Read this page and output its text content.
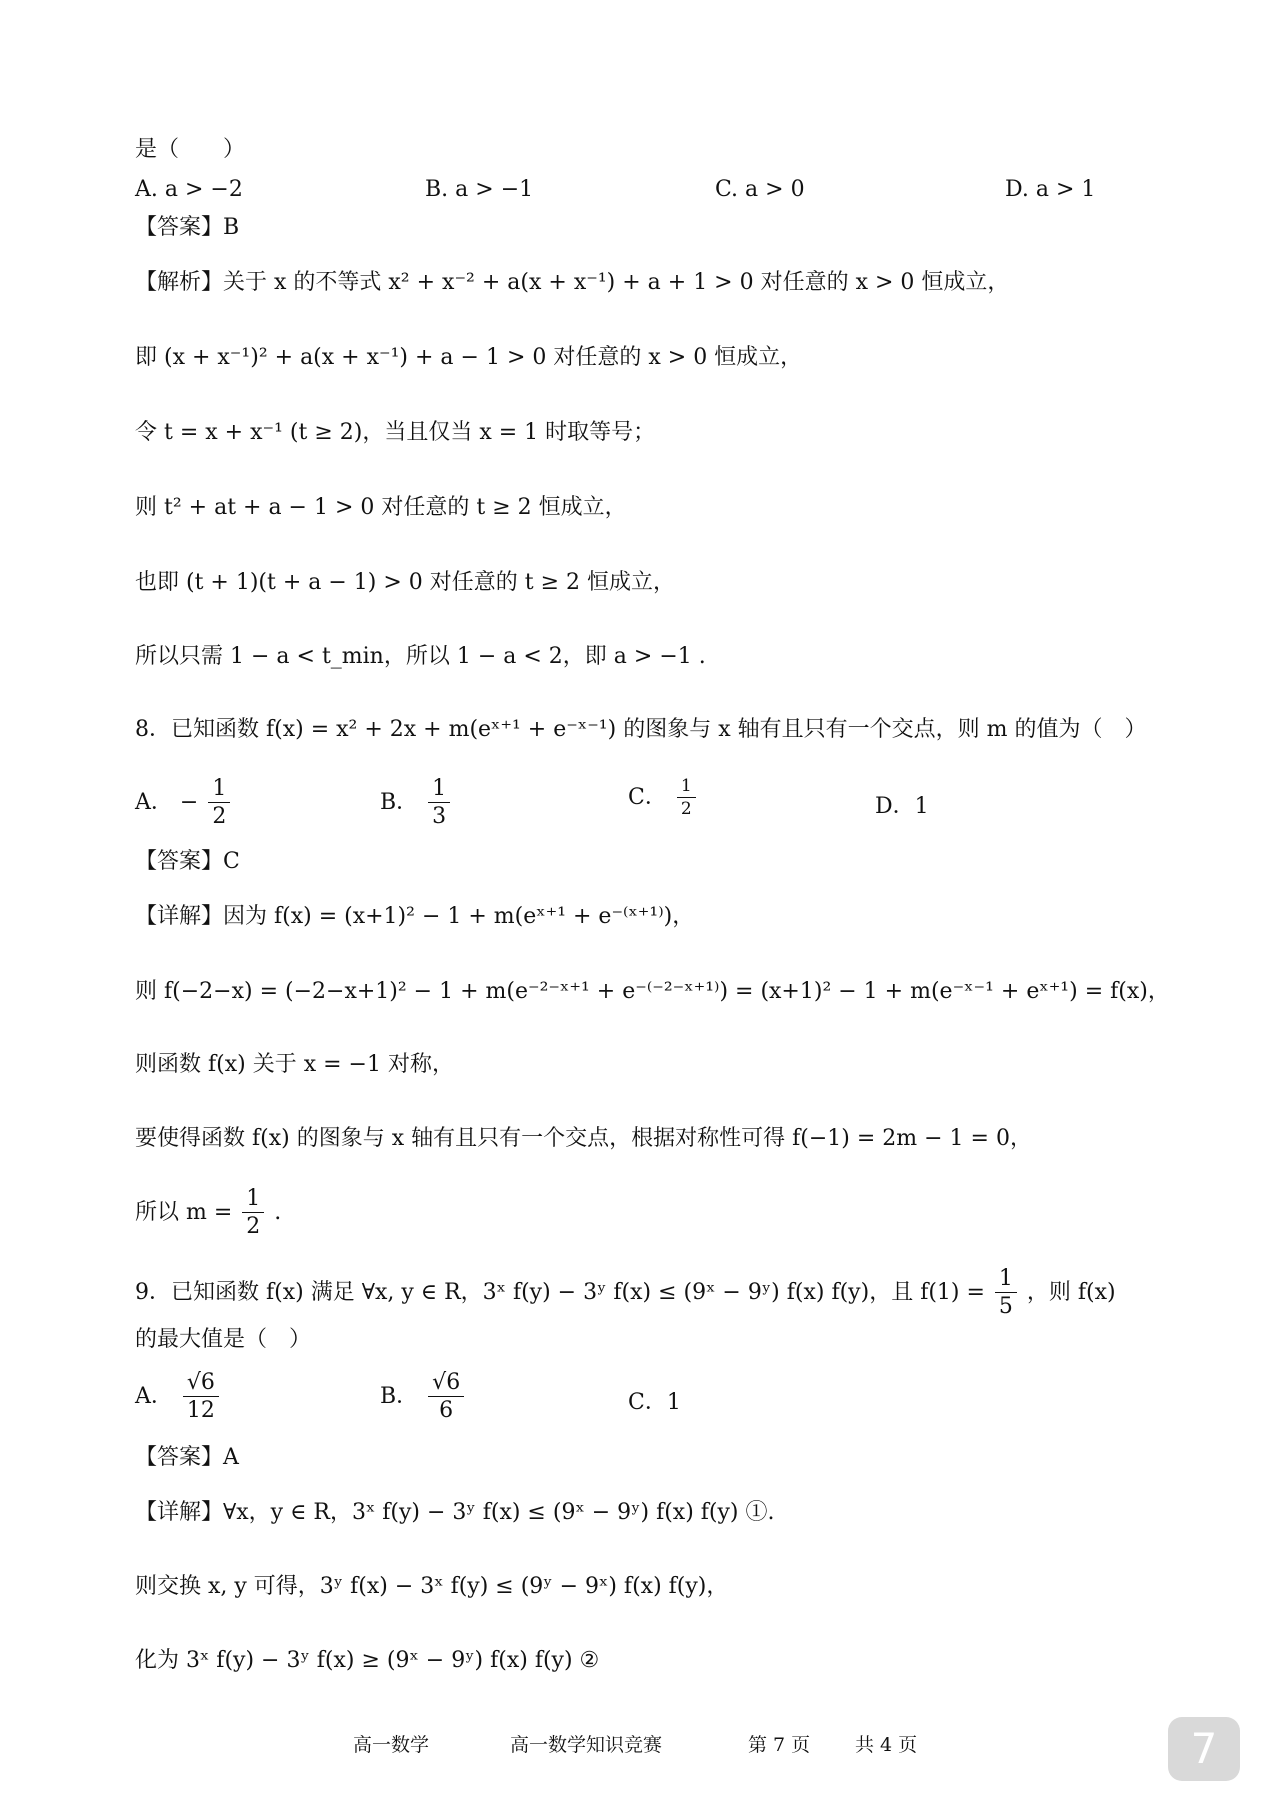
是（　　）
A. a > −2	B. a > −1	C. a > 0	D. a > 1
【答案】B
【解析】关于 x 的不等式 x² + x⁻² + a(x + x⁻¹) + a + 1 > 0 对任意的 x > 0 恒成立，
即 (x + x⁻¹)² + a(x + x⁻¹) + a − 1 > 0 对任意的 x > 0 恒成立，
令 t = x + x⁻¹ (t ≥ 2)，当且仅当 x = 1 时取等号；
则 t² + at + a − 1 > 0 对任意的 t ≥ 2 恒成立，
也即 (t + 1)(t + a − 1) > 0 对任意的 t ≥ 2 恒成立，
所以只需 1 − a < t_min，所以 1 − a < 2，即 a > −1 .
8．已知函数 f(x) = x² + 2x + m(eˣ⁺¹ + e⁻ˣ⁻¹) 的图象与 x 轴有且只有一个交点，则 m 的值为（　）
A． − $\frac{1}{2}$	B． $\frac{1}{3}$	C． $\frac{1}{2}$	D．1
【答案】C
【详解】因为 f(x) = (x+1)² − 1 + m(eˣ⁺¹ + e⁻⁽ˣ⁺¹⁾)，
则 f(−2−x) = (−2−x+1)² − 1 + m(e⁻²⁻ˣ⁺¹ + e⁻⁽⁻²⁻ˣ⁺¹⁾) = (x+1)² − 1 + m(e⁻ˣ⁻¹ + eˣ⁺¹) = f(x)，
则函数 f(x) 关于 x = −1 对称，
要使得函数 f(x) 的图象与 x 轴有且只有一个交点，根据对称性可得 f(−1) = 2m − 1 = 0，
所以 $m = \frac{1}{2}$ .
9．已知函数 f(x) 满足 ∀x, y ∈ R，3ˣ f(y) − 3ʸ f(x) ≤ (9ˣ − 9ʸ) f(x) f(y)，且 $f(1) = \frac{1}{5}$ ，则 f(x)
的最大值是（　）
A． $\frac{√6}{12}$	B． $\frac{√6}{6}$	C．1
【答案】A
【详解】∀x，y ∈ R，3ˣ f(y) − 3ʸ f(x) ≤ (9ˣ − 9ʸ) f(x) f(y) ①.
则交换 x, y 可得，3ʸ f(x) − 3ˣ f(y) ≤ (9ʸ − 9ˣ) f(x) f(y)，
化为 3ˣ f(y) − 3ʸ f(x) ≥ (9ˣ − 9ʸ) f(x) f(y) ②
高一数学	高一数学知识竞赛	第 7 页 共 4 页	7
